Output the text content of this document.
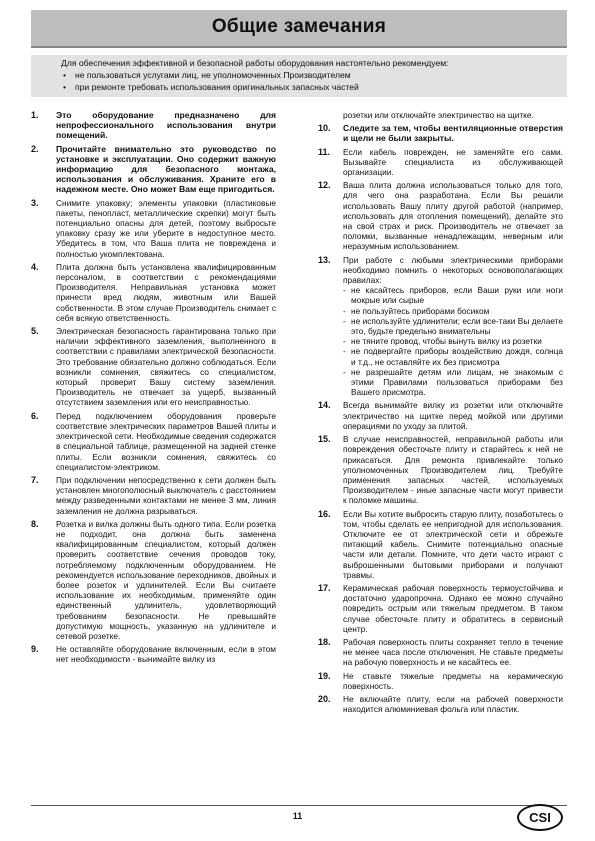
Общие замечания
Для обеспечения эффективной и безопасной работы оборудования настоятельно рекомендуем:
• не пользоваться услугами лиц, не уполномоченных Производителем
• при ремонте требовать использования оригинальных запасных частей
1. Это оборудование предназначено для непрофессионального использования внутри помещений.
2. Прочитайте внимательно это руководство по установке и эксплуатации. Оно содержит важную информацию для безопасного монтажа, использования и обслуживания. Храните его в надежном месте. Оно может Вам еще пригодиться.
3. Снимите упаковку; элементы упаковки (пластиковые пакеты, пенопласт, металлические скрепки) могут быть потенциально опасны для детей, поэтому выбросьте упаковку сразу же или уберите в недоступное место. Убедитесь в том, что Ваша плита не повреждена и полностью укомплектована.
4. Плита должна быть установлена квалифицированным персоналом, в соответствии с рекомендациями Производителя. Неправильная установка может принести вред людям, животным или Вашей собственности. В этом случае Производитель снимает с себя всякую ответственность.
5. Электрическая безопасность гарантирована только при наличии эффективного заземления, выполненного в соответствии с правилами электрической безопасности. Это требование обязательно должно соблюдаться. Если возникли сомнения, свяжитесь со специалистом, который проверит Вашу систему заземления. Производитель не отвечает за ущерб, вызванный отсутствием заземления или его неисправностью.
6. Перед подключением оборудования проверьте соответствие электрических параметров Вашей плиты и электрической сети. Необходимые сведения содержатся в специальной таблице, размещенной на задней стенке плиты. Если возникли сомнения, свяжитесь со специалистом-электриком.
7. При подключении непосредственно к сети должен быть установлен многополюсный выключатель с расстоянием между разведенными контактами не менее 3 мм, линия заземления не должна разрываться.
8. Розетка и вилка должны быть одного типа. Если розетка не подходит, она должна быть заменена квалифицированным специалистом, который должен проверить соответствие сечения проводов току, потребляемому подключенным оборудованием. Не рекомендуется использование переходников, двойных и более розеток и удлинителей. Если Вы считаете использование их необходимым, применяйте один единственный удлинитель, удовлетворяющий требованиям безопасности. Не превышайте допустимую мощность, указанную на удлинителе и сетевой розетке.
9. Не оставляйте оборудование включенным, если в этом нет необходимости - вынимайте вилку из
розетки или отключайте электричество на щитке.
10. Следите за тем, чтобы вентиляционные отверстия и щели не были закрыты.
11. Если кабель поврежден, не заменяйте его сами. Вызывайте специалиста из обслуживающей организации.
12. Ваша плита должна использоваться только для того, для чего она разработана. Если Вы решили использовать Вашу плиту другой работой (например, использовать для отопления помещений), делайте это на свой страх и риск. Производитель не отвечает за поломки, вызванные ненадлежащим, неверным или неразумным использованием.
13. При работе с любыми электрическими приборами необходимо помнить о некоторых основополагающих правилах:
- не касайтесь приборов, если Ваши руки или ноги мокрые или сырые
- не пользуйтесь приборами босиком
- не используйте удлинители; если все-таки Вы делаете это, будьте предельно внимательны
- не тяните провод, чтобы вынуть вилку из розетки
- не подвергайте приборы воздействию дождя, солнца и т.д., не оставляйте их без присмотра
- не разрешайте детям или лицам, не знакомым с этими Правилами пользоваться приборами без Вашего присмотра.
14. Всегда вынимайте вилку из розетки или отключайте электричество на щитке перед мойкой или другими операциями по уходу за плитой.
15. В случае неисправностей, неправильной работы или повреждения обесточьте плиту и старайтесь к ней не прикасаться. Для ремонта привлекайте только уполномоченных Производителем лиц. Требуйте применения запасных частей, используемых Производителем - иные запасные части могут привести к поломке машины.
16. Если Вы хотите выбросить старую плиту, позаботьтесь о том, чтобы сделать ее непригодной для использования. Отключите ее от электрической сети и обрежьте питающий кабель. Снимите потенциально опасные части или детали. Помните, что дети часто играют с выброшенными бытовыми приборами и получают травмы.
17. Керамическая рабочая поверхность термоустойчива и достаточно ударопрочна. Однако ее можно случайно повредить острым или тяжелым предметом. В таком случае обесточьте плиту и обратитесь в сервисный центр.
18. Рабочая поверхность плиты сохраняет тепло в течение не менее часа после отключения. Не ставьте предметы на рабочую поверхность и не касайтесь ее.
19. Не ставьте тяжелые предметы на керамическую поверхность.
20. Не включайте плиту, если на рабочей поверхности находится алюминиевая фольга или пластик.
11	CSI
